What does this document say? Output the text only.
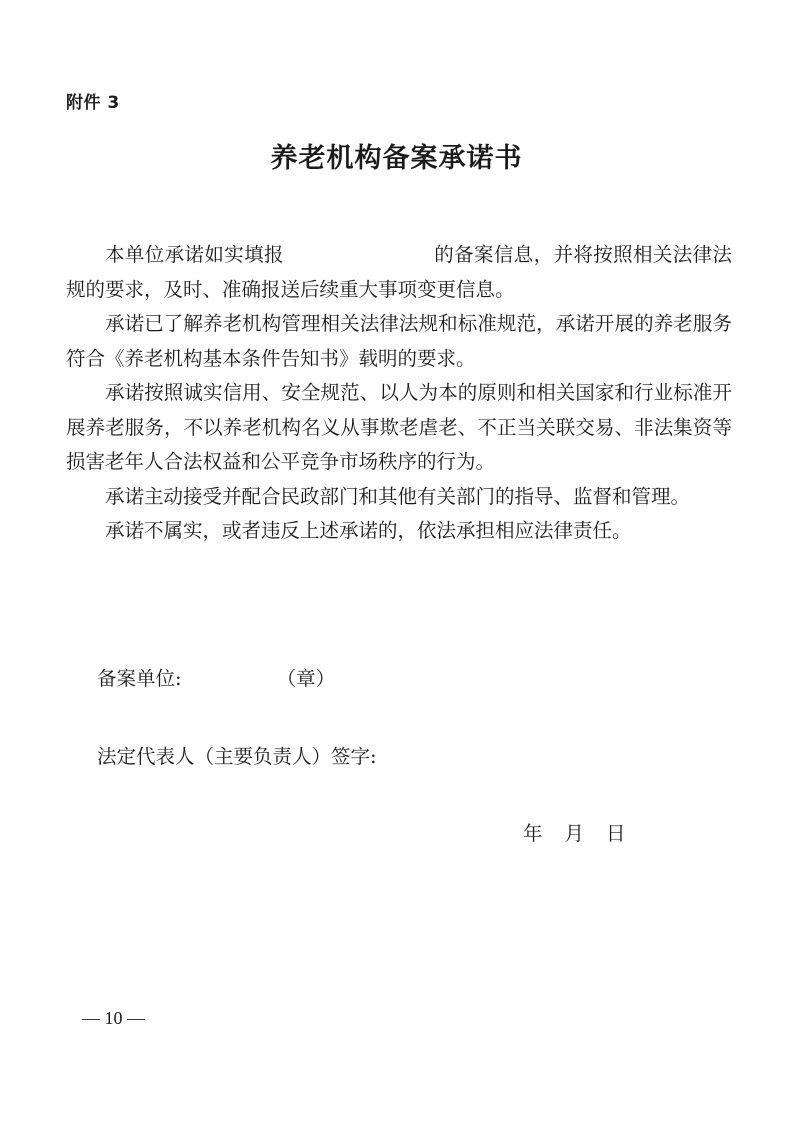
附件 3
养老机构备案承诺书

本单位承诺如实填报	的备案信息，并将按照相关法律法规的要求，及时、准确报送后续重大事项变更信息。

承诺已了解养老机构管理相关法律法规和标准规范，承诺开展的养老服务符合《养老机构基本条件告知书》载明的要求。

承诺按照诚实信用、安全规范、以人为本的原则和相关国家和行业标准开展养老服务，不以养老机构名义从事欺老虐老、不正当关联交易、非法集资等损害老年人合法权益和公平竞争市场秩序的行为。

承诺主动接受并配合民政部门和其他有关部门的指导、监督和管理。

承诺不属实，或者违反上述承诺的，依法承担相应法律责任。

备案单位:	（章）
法定代表人（主要负责人）签字:
年 月 日
— 10 —
